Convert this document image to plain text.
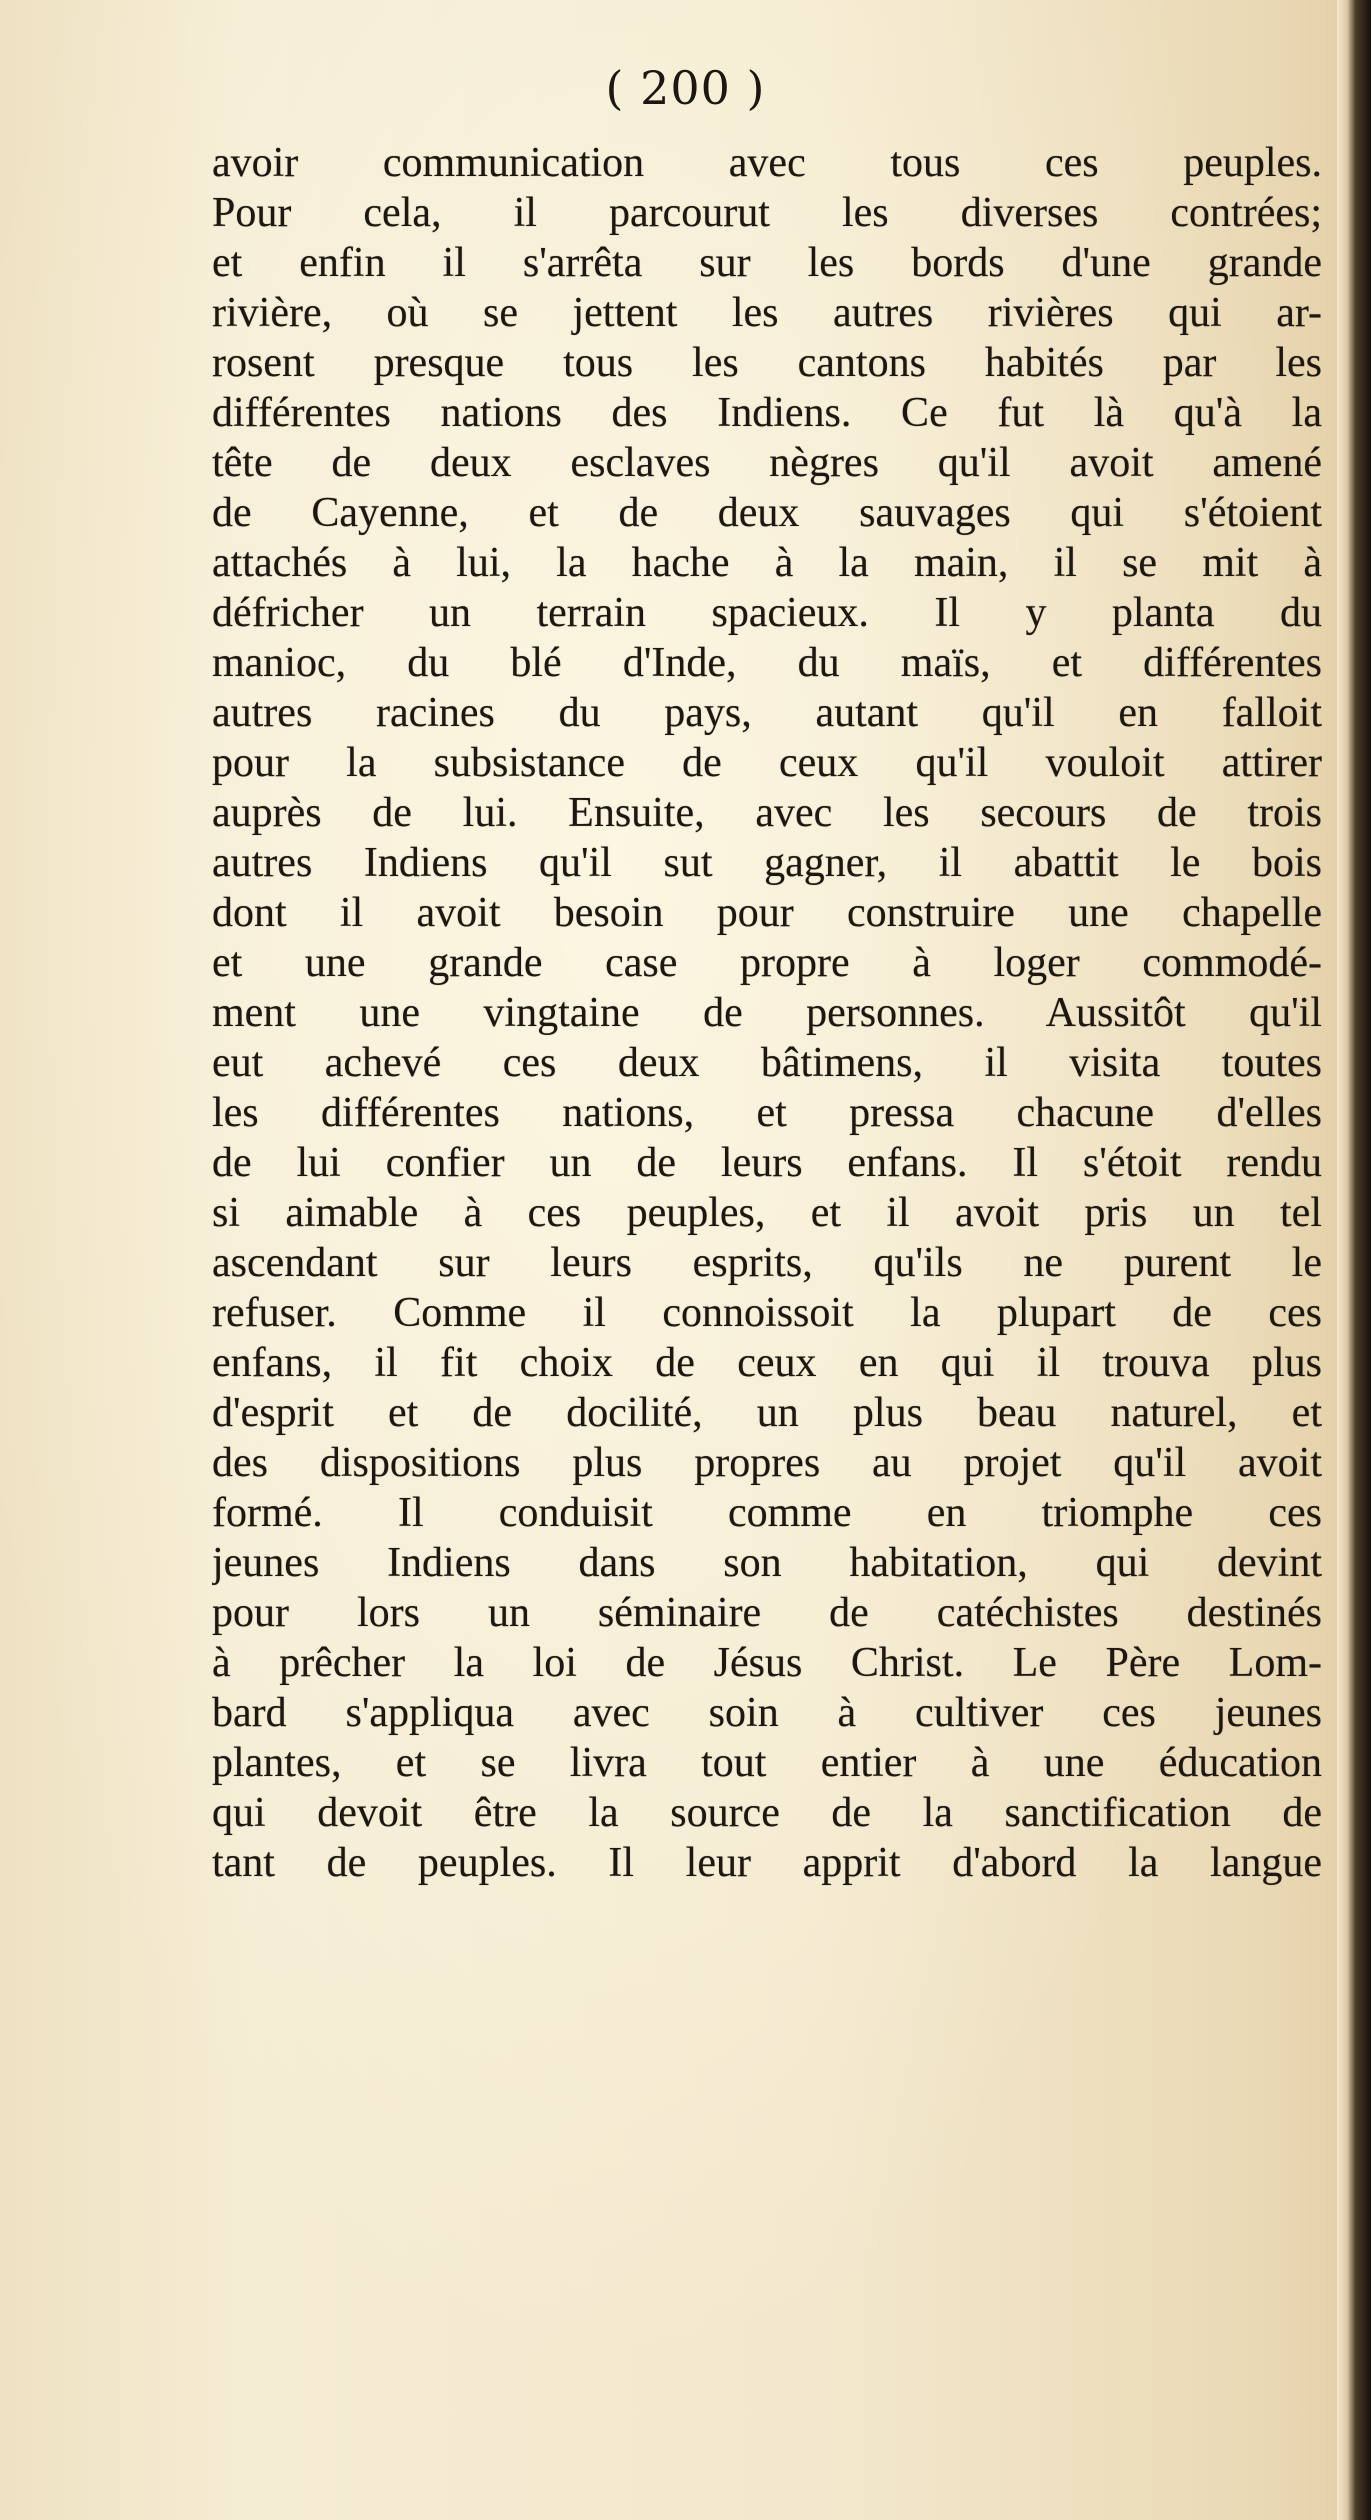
( 200 )
avoir communication avec tous ces peuples.
Pour cela, il parcourut les diverses contrées;
et enfin il s'arrêta sur les bords d'une grande
rivière, où se jettent les autres rivières qui ar-
rosent presque tous les cantons habités par les
différentes nations des Indiens. Ce fut là qu'à la
tête de deux esclaves nègres qu'il avoit amené
de Cayenne, et de deux sauvages qui s'étoient
attachés à lui, la hache à la main, il se mit à
défricher un terrain spacieux. Il y planta du
manioc, du blé d'Inde, du maïs, et différentes
autres racines du pays, autant qu'il en falloit
pour la subsistance de ceux qu'il vouloit attirer
auprès de lui. Ensuite, avec les secours de trois
autres Indiens qu'il sut gagner, il abattit le bois
dont il avoit besoin pour construire une chapelle
et une grande case propre à loger commodé-
ment une vingtaine de personnes. Aussitôt qu'il
eut achevé ces deux bâtimens, il visita toutes
les différentes nations, et pressa chacune d'elles
de lui confier un de leurs enfans. Il s'étoit rendu
si aimable à ces peuples, et il avoit pris un tel
ascendant sur leurs esprits, qu'ils ne purent le
refuser. Comme il connoissoit la plupart de ces
enfans, il fit choix de ceux en qui il trouva plus
d'esprit et de docilité, un plus beau naturel, et
des dispositions plus propres au projet qu'il avoit
formé. Il conduisit comme en triomphe ces
jeunes Indiens dans son habitation, qui devint
pour lors un séminaire de catéchistes destinés
à prêcher la loi de Jésus Christ. Le Père Lom-
bard s'appliqua avec soin à cultiver ces jeunes
plantes, et se livra tout entier à une éducation
qui devoit être la source de la sanctification de
tant de peuples. Il leur apprit d'abord la langue
